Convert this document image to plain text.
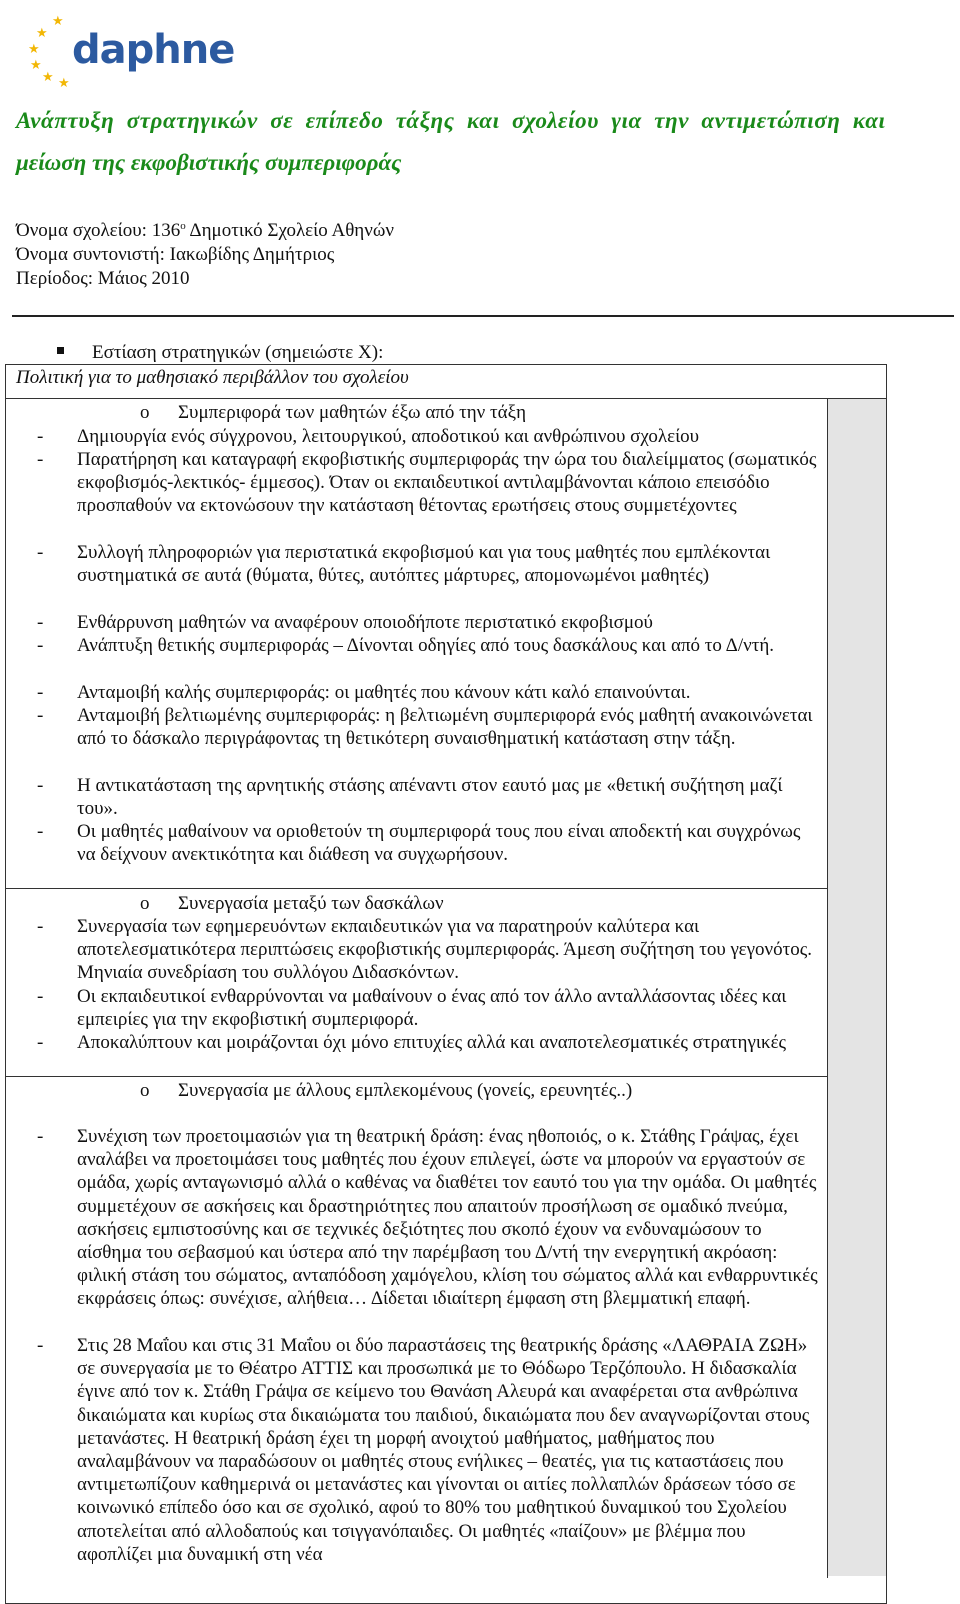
★
★
★
★ ★
★
daphne
Ανάπτυξη στρατηγικών σε επίπεδο τάξης και σχολείου για την αντιμετώπιση και
μείωση της εκφοβιστικής συμπεριφοράς
Όνομα σχολείου: $136^o$ Δημοτικό Σχολείο Αθηνών
Όνομα συντονιστή: Ιακωβίδης Δημήτριος
Περίοδος: Μάιος 2010
Εστίαση στρατηγικών (σημειώστε Χ):
Πολιτική για το μαθησιακό περιβάλλον του σχολείου
o Συμπεριφορά των μαθητών έξω από την τάξη
- Δημιουργία ενός σύγχρονου, λειτουργικού, αποδοτικού και ανθρώπινου σχολείου
- Παρατήρηση και καταγραφή εκφοβιστικής συμπεριφοράς την ώρα του διαλείμματος (σωματικός εκφοβισμός-λεκτικός- έμμεσος). Όταν οι εκπαιδευτικοί αντιλαμβάνονται κάποιο επεισόδιο προσπαθούν να εκτονώσουν την κατάσταση θέτοντας ερωτήσεις στους συμμετέχοντες
- Συλλογή πληροφοριών για περιστατικά εκφοβισμού και για τους μαθητές που εμπλέκονται συστηματικά σε αυτά (θύματα, θύτες, αυτόπτες μάρτυρες, απομονωμένοι μαθητές)
- Ενθάρρυνση μαθητών να αναφέρουν οποιοδήποτε περιστατικό εκφοβισμού
- Ανάπτυξη θετικής συμπεριφοράς – Δίνονται οδηγίες από τους δασκάλους και από το Δ/ντή.
- Ανταμοιβή καλής συμπεριφοράς: οι μαθητές που κάνουν κάτι καλό επαινούνται.
- Ανταμοιβή βελτιωμένης συμπεριφοράς: η βελτιωμένη συμπεριφορά ενός μαθητή ανακοινώνεται από το δάσκαλο περιγράφοντας τη θετικότερη συναισθηματική κατάσταση στην τάξη.
- Η αντικατάσταση της αρνητικής στάσης απέναντι στον εαυτό μας με «θετική συζήτηση μαζί του».
- Οι μαθητές μαθαίνουν να οριοθετούν τη συμπεριφορά τους που είναι αποδεκτή και συγχρόνως να δείχνουν ανεκτικότητα και διάθεση να συγχωρήσουν.
o Συνεργασία μεταξύ των δασκάλων
- Συνεργασία των εφημερευόντων εκπαιδευτικών για να παρατηρούν καλύτερα και αποτελεσματικότερα περιπτώσεις εκφοβιστικής συμπεριφοράς. Άμεση συζήτηση του γεγονότος. Μηνιαία συνεδρίαση του συλλόγου Διδασκόντων.
- Οι εκπαιδευτικοί ενθαρρύνονται να μαθαίνουν ο ένας από τον άλλο ανταλλάσοντας ιδέες και εμπειρίες για την εκφοβιστική συμπεριφορά.
- Αποκαλύπτουν και μοιράζονται όχι μόνο επιτυχίες αλλά και αναποτελεσματικές στρατηγικές
o Συνεργασία με άλλους εμπλεκομένους (γονείς, ερευνητές..)
- Συνέχιση των προετοιμασιών για τη θεατρική δράση: ένας ηθοποιός, ο κ. Στάθης Γράψας, έχει αναλάβει να προετοιμάσει τους μαθητές που έχουν επιλεγεί, ώστε να μπορούν να εργαστούν σε ομάδα, χωρίς ανταγωνισμό αλλά ο καθένας να διαθέτει τον εαυτό του για την ομάδα. Οι μαθητές συμμετέχουν σε ασκήσεις και δραστηριότητες που απαιτούν προσήλωση σε ομαδικό πνεύμα, ασκήσεις εμπιστοσύνης και σε τεχνικές δεξιότητες που σκοπό έχουν να ενδυναμώσουν το αίσθημα του σεβασμού και ύστερα από την παρέμβαση του Δ/ντή την ενεργητική ακρόαση: φιλική στάση του σώματος, ανταπόδοση χαμόγελου, κλίση του σώματος αλλά και ενθαρρυντικές εκφράσεις όπως: συνέχισε, αλήθεια… Δίδεται ιδιαίτερη έμφαση στη βλεμματική επαφή.
- Στις 28 Μαΐου και στις 31 Μαΐου οι δύο παραστάσεις της θεατρικής δράσης «ΛΑΘΡΑΙΑ ΖΩΗ» σε συνεργασία με το Θέατρο ΑΤΤΙΣ και προσωπικά με το Θόδωρο Τερζόπουλο. Η διδασκαλία έγινε από τον κ. Στάθη Γράψα σε κείμενο του Θανάση Αλευρά και αναφέρεται στα ανθρώπινα δικαιώματα και κυρίως στα δικαιώματα του παιδιού, δικαιώματα που δεν αναγνωρίζονται στους μετανάστες. Η θεατρική δράση έχει τη μορφή ανοιχτού μαθήματος, μαθήματος που αναλαμβάνουν να παραδώσουν οι μαθητές στους ενήλικες – θεατές, για τις καταστάσεις που αντιμετωπίζουν καθημερινά οι μετανάστες και γίνονται οι αιτίες πολλαπλών δράσεων τόσο σε κοινωνικό επίπεδο όσο και σε σχολικό, αφού το 80% του μαθητικού δυναμικού του Σχολείου αποτελείται από αλλοδαπούς και τσιγγανόπαιδες. Οι μαθητές «παίζουν» με βλέμμα που αφοπλίζει μια δυναμική στη νέα
